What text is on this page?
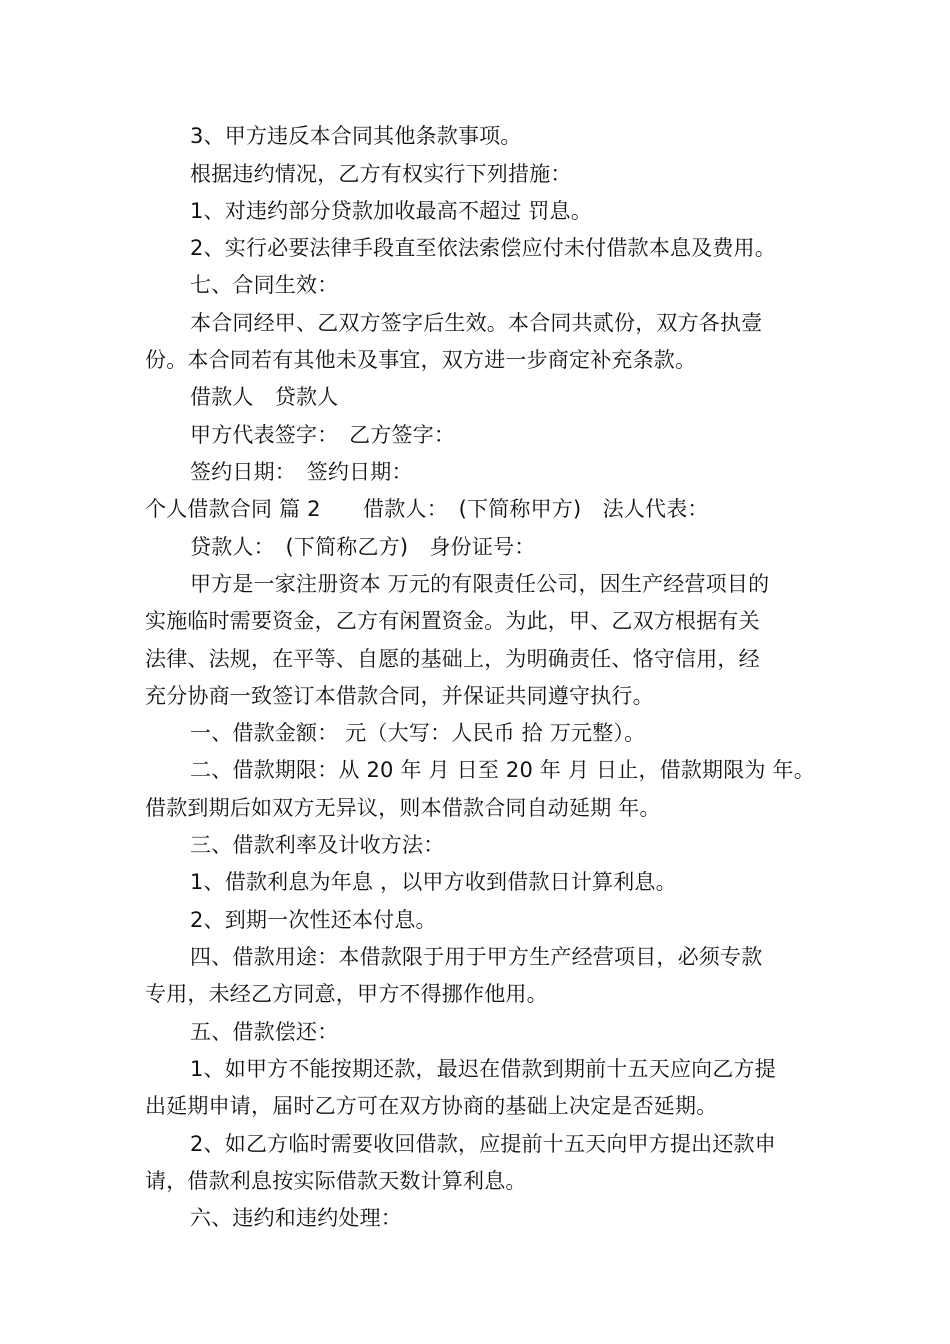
3、甲方违反本合同其他条款事项。
根据违约情况，乙方有权实行下列措施：
1、对违约部分贷款加收最高不超过 罚息。
2、实行必要法律手段直至依法索偿应付未付借款本息及费用。
七、合同生效：
本合同经甲、乙双方签字后生效。本合同共贰份，双方各执壹
份。本合同若有其他未及事宜，双方进一步商定补充条款。
借款人　贷款人
甲方代表签字：　乙方签字：
签约日期：　签约日期：
个人借款合同 篇 2　　借款人：　(下简称甲方)　法人代表：
贷款人：　(下简称乙方)　身份证号：
甲方是一家注册资本 万元的有限责任公司，因生产经营项目的
实施临时需要资金，乙方有闲置资金。为此，甲、乙双方根据有关
法律、法规，在平等、自愿的基础上，为明确责任、恪守信用，经
充分协商一致签订本借款合同，并保证共同遵守执行。
一、借款金额： 元（大写：人民币 拾 万元整）。
二、借款期限：从 20 年 月 日至 20 年 月 日止，借款期限为 年。
借款到期后如双方无异议，则本借款合同自动延期 年。
三、借款利率及计收方法：
1、借款利息为年息 ，以甲方收到借款日计算利息。
2、到期一次性还本付息。
四、借款用途：本借款限于用于甲方生产经营项目，必须专款
专用，未经乙方同意，甲方不得挪作他用。
五、借款偿还：
1、如甲方不能按期还款，最迟在借款到期前十五天应向乙方提
出延期申请，届时乙方可在双方协商的基础上决定是否延期。
2、如乙方临时需要收回借款，应提前十五天向甲方提出还款申
请，借款利息按实际借款天数计算利息。
六、违约和违约处理：
